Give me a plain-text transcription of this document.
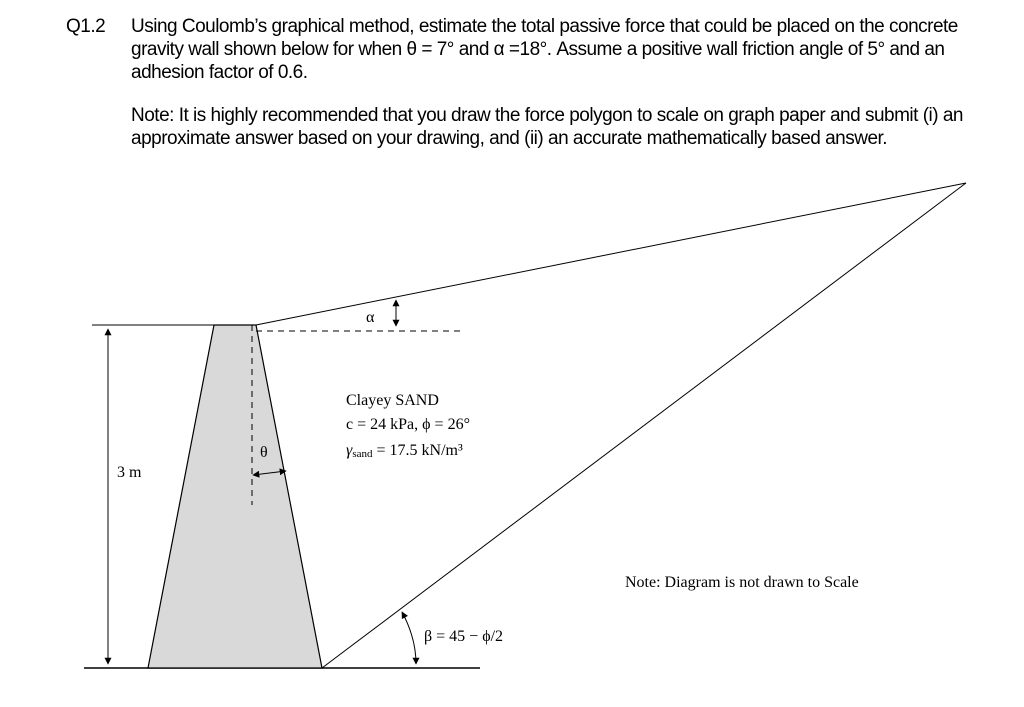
Q1.2 Using Coulomb’s graphical method, estimate the total passive force that could be placed on the concrete gravity wall shown below for when θ = 7° and α =18°. Assume a positive wall friction angle of 5° and an adhesion factor of 0.6.
Note: It is highly recommended that you draw the force polygon to scale on graph paper and submit (i) an approximate answer based on your drawing, and (ii) an accurate mathematically based answer.
3 m
α
θ
Clayey SAND
c = 24 kPa, ϕ = 26°
γsand = 17.5 kN/m³
β = 45 − ϕ/2
Note: Diagram is not drawn to Scale
